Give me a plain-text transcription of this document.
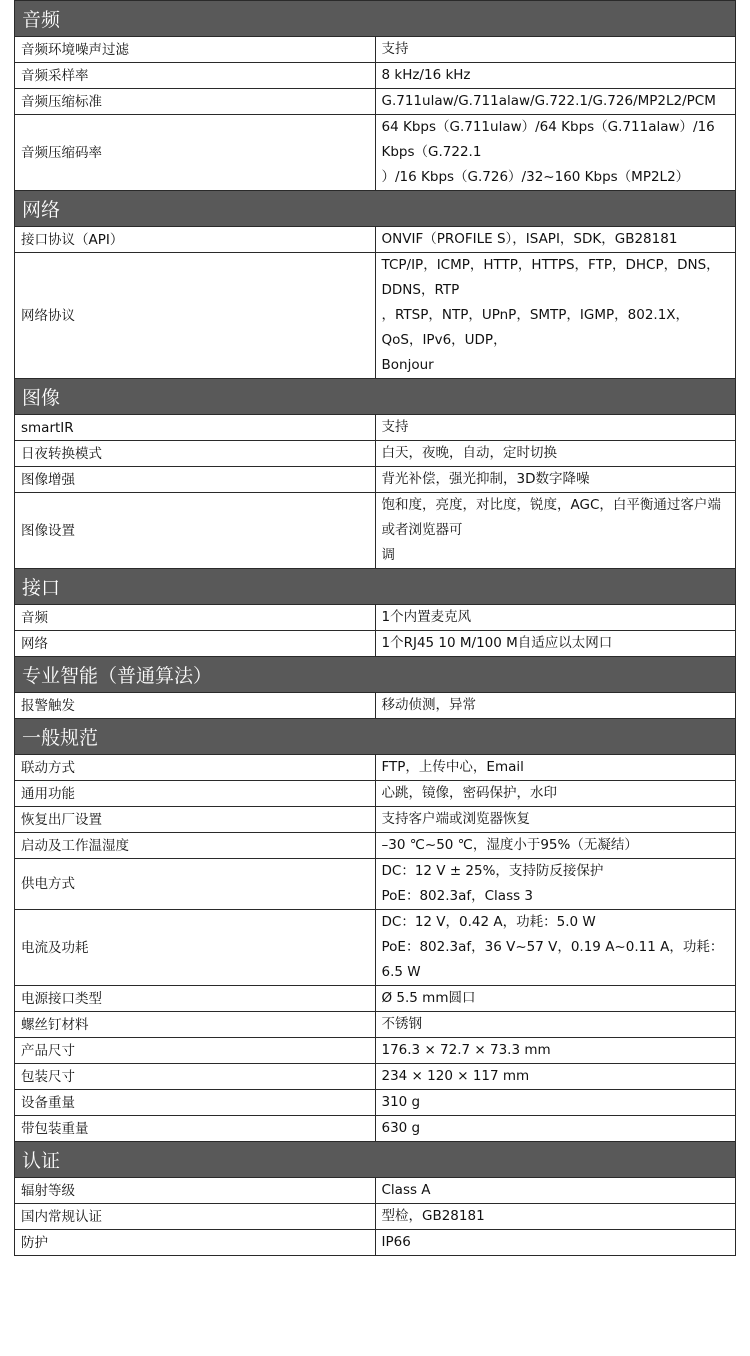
音频	
音频环境噪声过滤	支持
音频采样率	8 kHz/16 kHz
音频压缩标准	G.711ulaw/G.711alaw/G.722.1/G.726/MP2L2/PCM
音频压缩码率	64 Kbps（G.711ulaw）/64 Kbps（G.711alaw）/16 Kbps（G.722.1
）/16 Kbps（G.726）/32~160 Kbps（MP2L2）
网络	
接口协议（API）	ONVIF（PROFILE S），ISAPI，SDK，GB28181
网络协议	TCP/IP，ICMP，HTTP，HTTPS，FTP，DHCP，DNS，DDNS，RTP
，RTSP，NTP，UPnP，SMTP，IGMP，802.1X，QoS，IPv6，UDP，
Bonjour
图像	
smartIR	支持
日夜转换模式	白天，夜晚，自动，定时切换
图像增强	背光补偿，强光抑制，3D数字降噪
图像设置	饱和度，亮度，对比度，锐度，AGC，白平衡通过客户端或者浏览器可
调
接口	
音频	1个内置麦克风
网络	1个RJ45 10 M/100 M自适应以太网口
专业智能（普通算法）	
报警触发	移动侦测，异常
一般规范	
联动方式	FTP，上传中心，Email
通用功能	心跳，镜像，密码保护，水印
恢复出厂设置	支持客户端或浏览器恢复
启动及工作温湿度	–30 ℃~50 ℃，湿度小于95%（无凝结）
供电方式	DC：12 V ± 25%，支持防反接保护
PoE：802.3af，Class 3
电流及功耗	DC：12 V，0.42 A，功耗：5.0 W
PoE：802.3af，36 V~57 V，0.19 A~0.11 A，功耗：6.5 W
电源接口类型	Ø 5.5 mm圆口
螺丝钉材料	不锈钢
产品尺寸	176.3 × 72.7 × 73.3 mm
包装尺寸	234 × 120 × 117 mm
设备重量	310 g
带包装重量	630 g
认证	
辐射等级	Class A
国内常规认证	型检，GB28181
防护	IP66
